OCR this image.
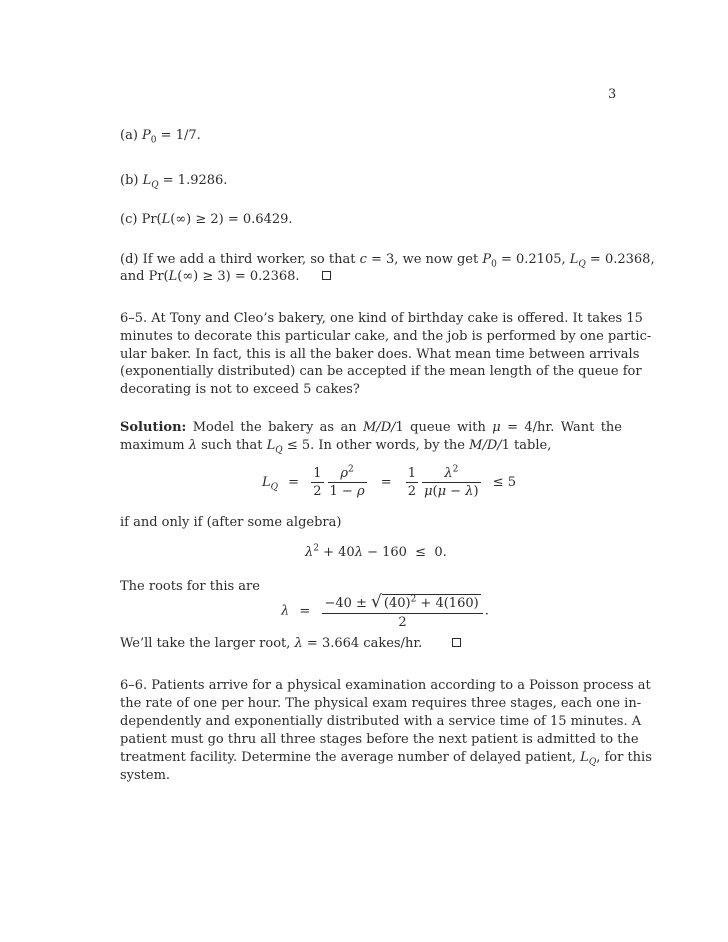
3
(a) $P_0 = 1/7$.
(b) $L_Q = 1.9286$.
(c) Pr(L(∞) ≥ 2) = 0.6429.
(d) If we add a third worker, so that c = 3, we now get $P_0 = 0.2105$, $L_Q = 0.2368$,
and Pr(L(∞) ≥ 3) = 0.2368.
6–5. At Tony and Cleo’s bakery, one kind of birthday cake is offered. It takes 15
minutes to decorate this particular cake, and the job is performed by one partic-
ular baker. In fact, this is all the baker does. What mean time between arrivals
(exponentially distributed) can be accepted if the mean length of the queue for
decorating is not to exceed 5 cakes?
Solution: Model the bakery as an M/D/1 queue with μ = 4/hr. Want the
maximum λ such that $L_Q \le 5$. In other words, by the M/D/1 table,
$L_Q = \frac{1}{2} \frac{\rho^2}{1 - \rho} = \frac{1}{2} \frac{\lambda^2}{\mu(\mu - \lambda)} \le 5$
if and only if (after some algebra)
$\lambda^2 + 40\lambda - 160 \le 0$.
The roots for this are
$\lambda = \frac{-40 \pm √ (40)^2 + 4(160)}{2}$ .
We’ll take the larger root, λ = 3.664 cakes/hr.
6–6. Patients arrive for a physical examination according to a Poisson process at
the rate of one per hour. The physical exam requires three stages, each one in-
dependently and exponentially distributed with a service time of 15 minutes. A
patient must go thru all three stages before the next patient is admitted to the
treatment facility. Determine the average number of delayed patient, $L_Q$, for this
system.
